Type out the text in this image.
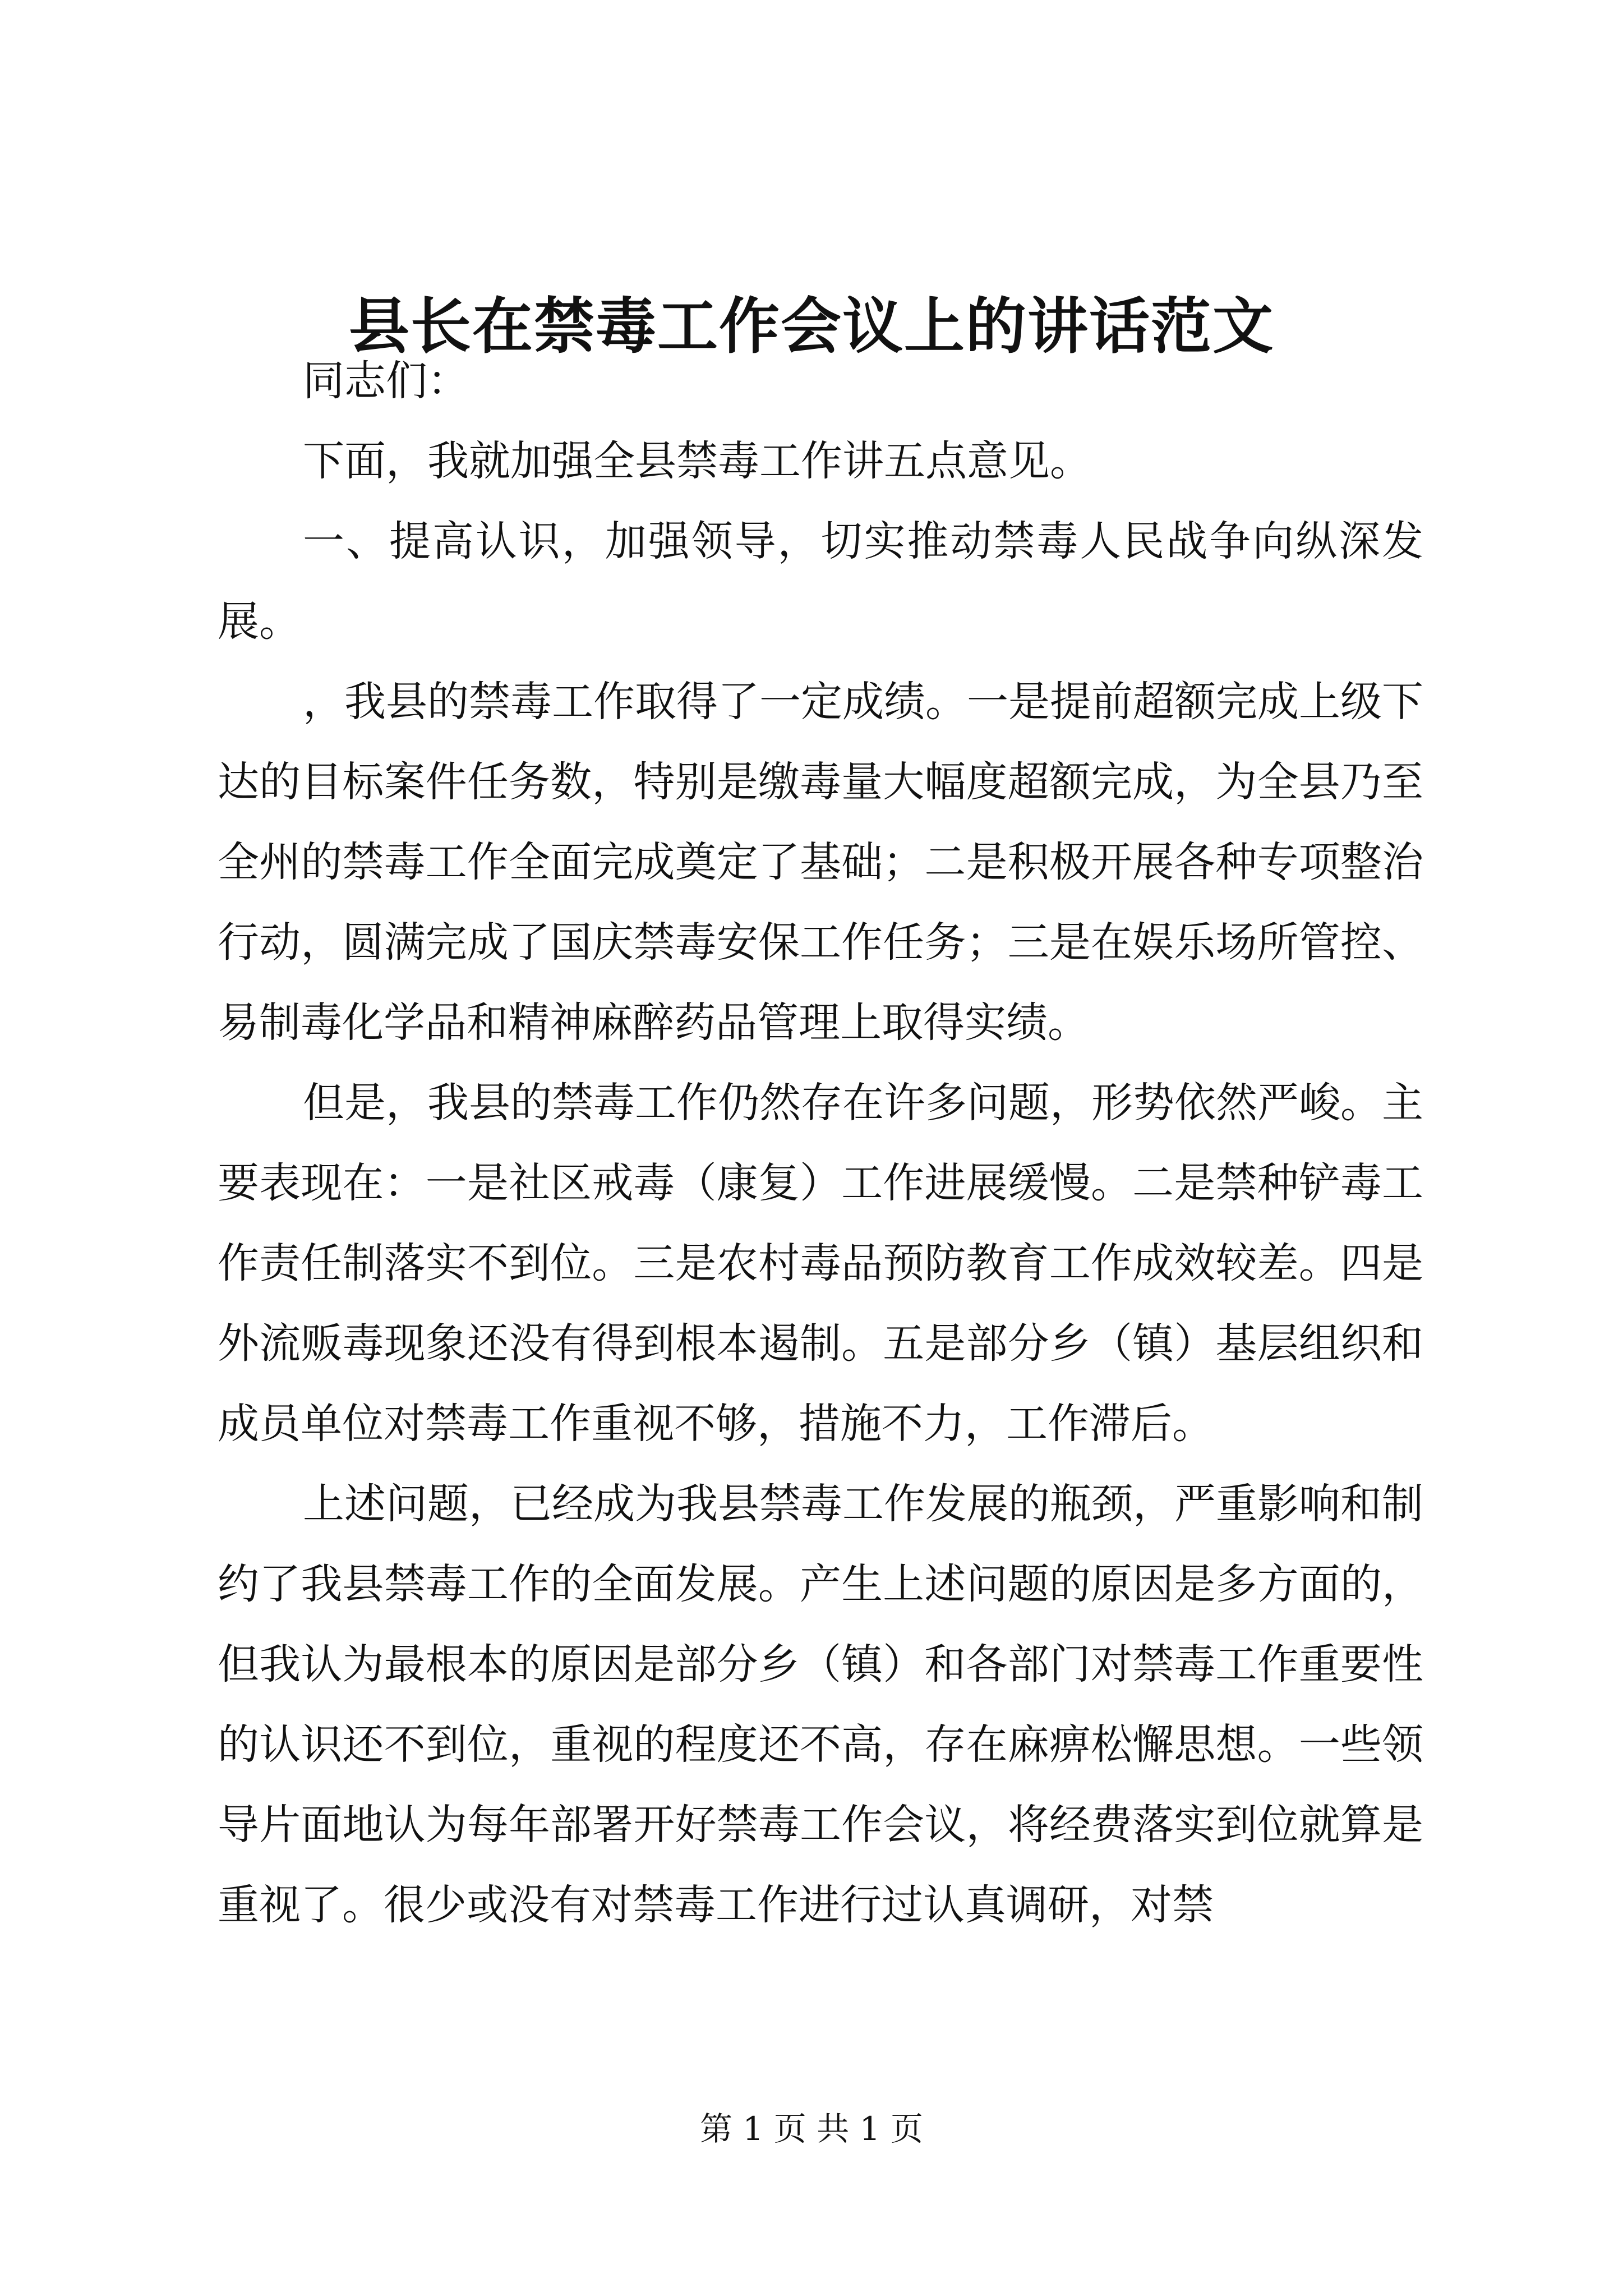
县长在禁毒工作会议上的讲话范文

同志们：

下面，我就加强全县禁毒工作讲五点意见。

一、提高认识，加强领导，切实推动禁毒人民战争向纵深发展。

，我县的禁毒工作取得了一定成绩。一是提前超额完成上级下达的目标案件任务数，特别是缴毒量大幅度超额完成，为全县乃至全州的禁毒工作全面完成奠定了基础；二是积极开展各种专项整治行动，圆满完成了国庆禁毒安保工作任务；三是在娱乐场所管控、易制毒化学品和精神麻醉药品管理上取得实绩。

但是，我县的禁毒工作仍然存在许多问题，形势依然严峻。主要表现在：一是社区戒毒（康复）工作进展缓慢。二是禁种铲毒工作责任制落实不到位。三是农村毒品预防教育工作成效较差。四是外流贩毒现象还没有得到根本遏制。五是部分乡（镇）基层组织和成员单位对禁毒工作重视不够，措施不力，工作滞后。

上述问题，已经成为我县禁毒工作发展的瓶颈，严重影响和制约了我县禁毒工作的全面发展。产生上述问题的原因是多方面的，但我认为最根本的原因是部分乡（镇）和各部门对禁毒工作重要性的认识还不到位，重视的程度还不高，存在麻痹松懈思想。一些领导片面地认为每年部署开好禁毒工作会议，将经费落实到位就算是重视了。很少或没有对禁毒工作进行过认真调研，对禁

第 1 页 共 1 页
